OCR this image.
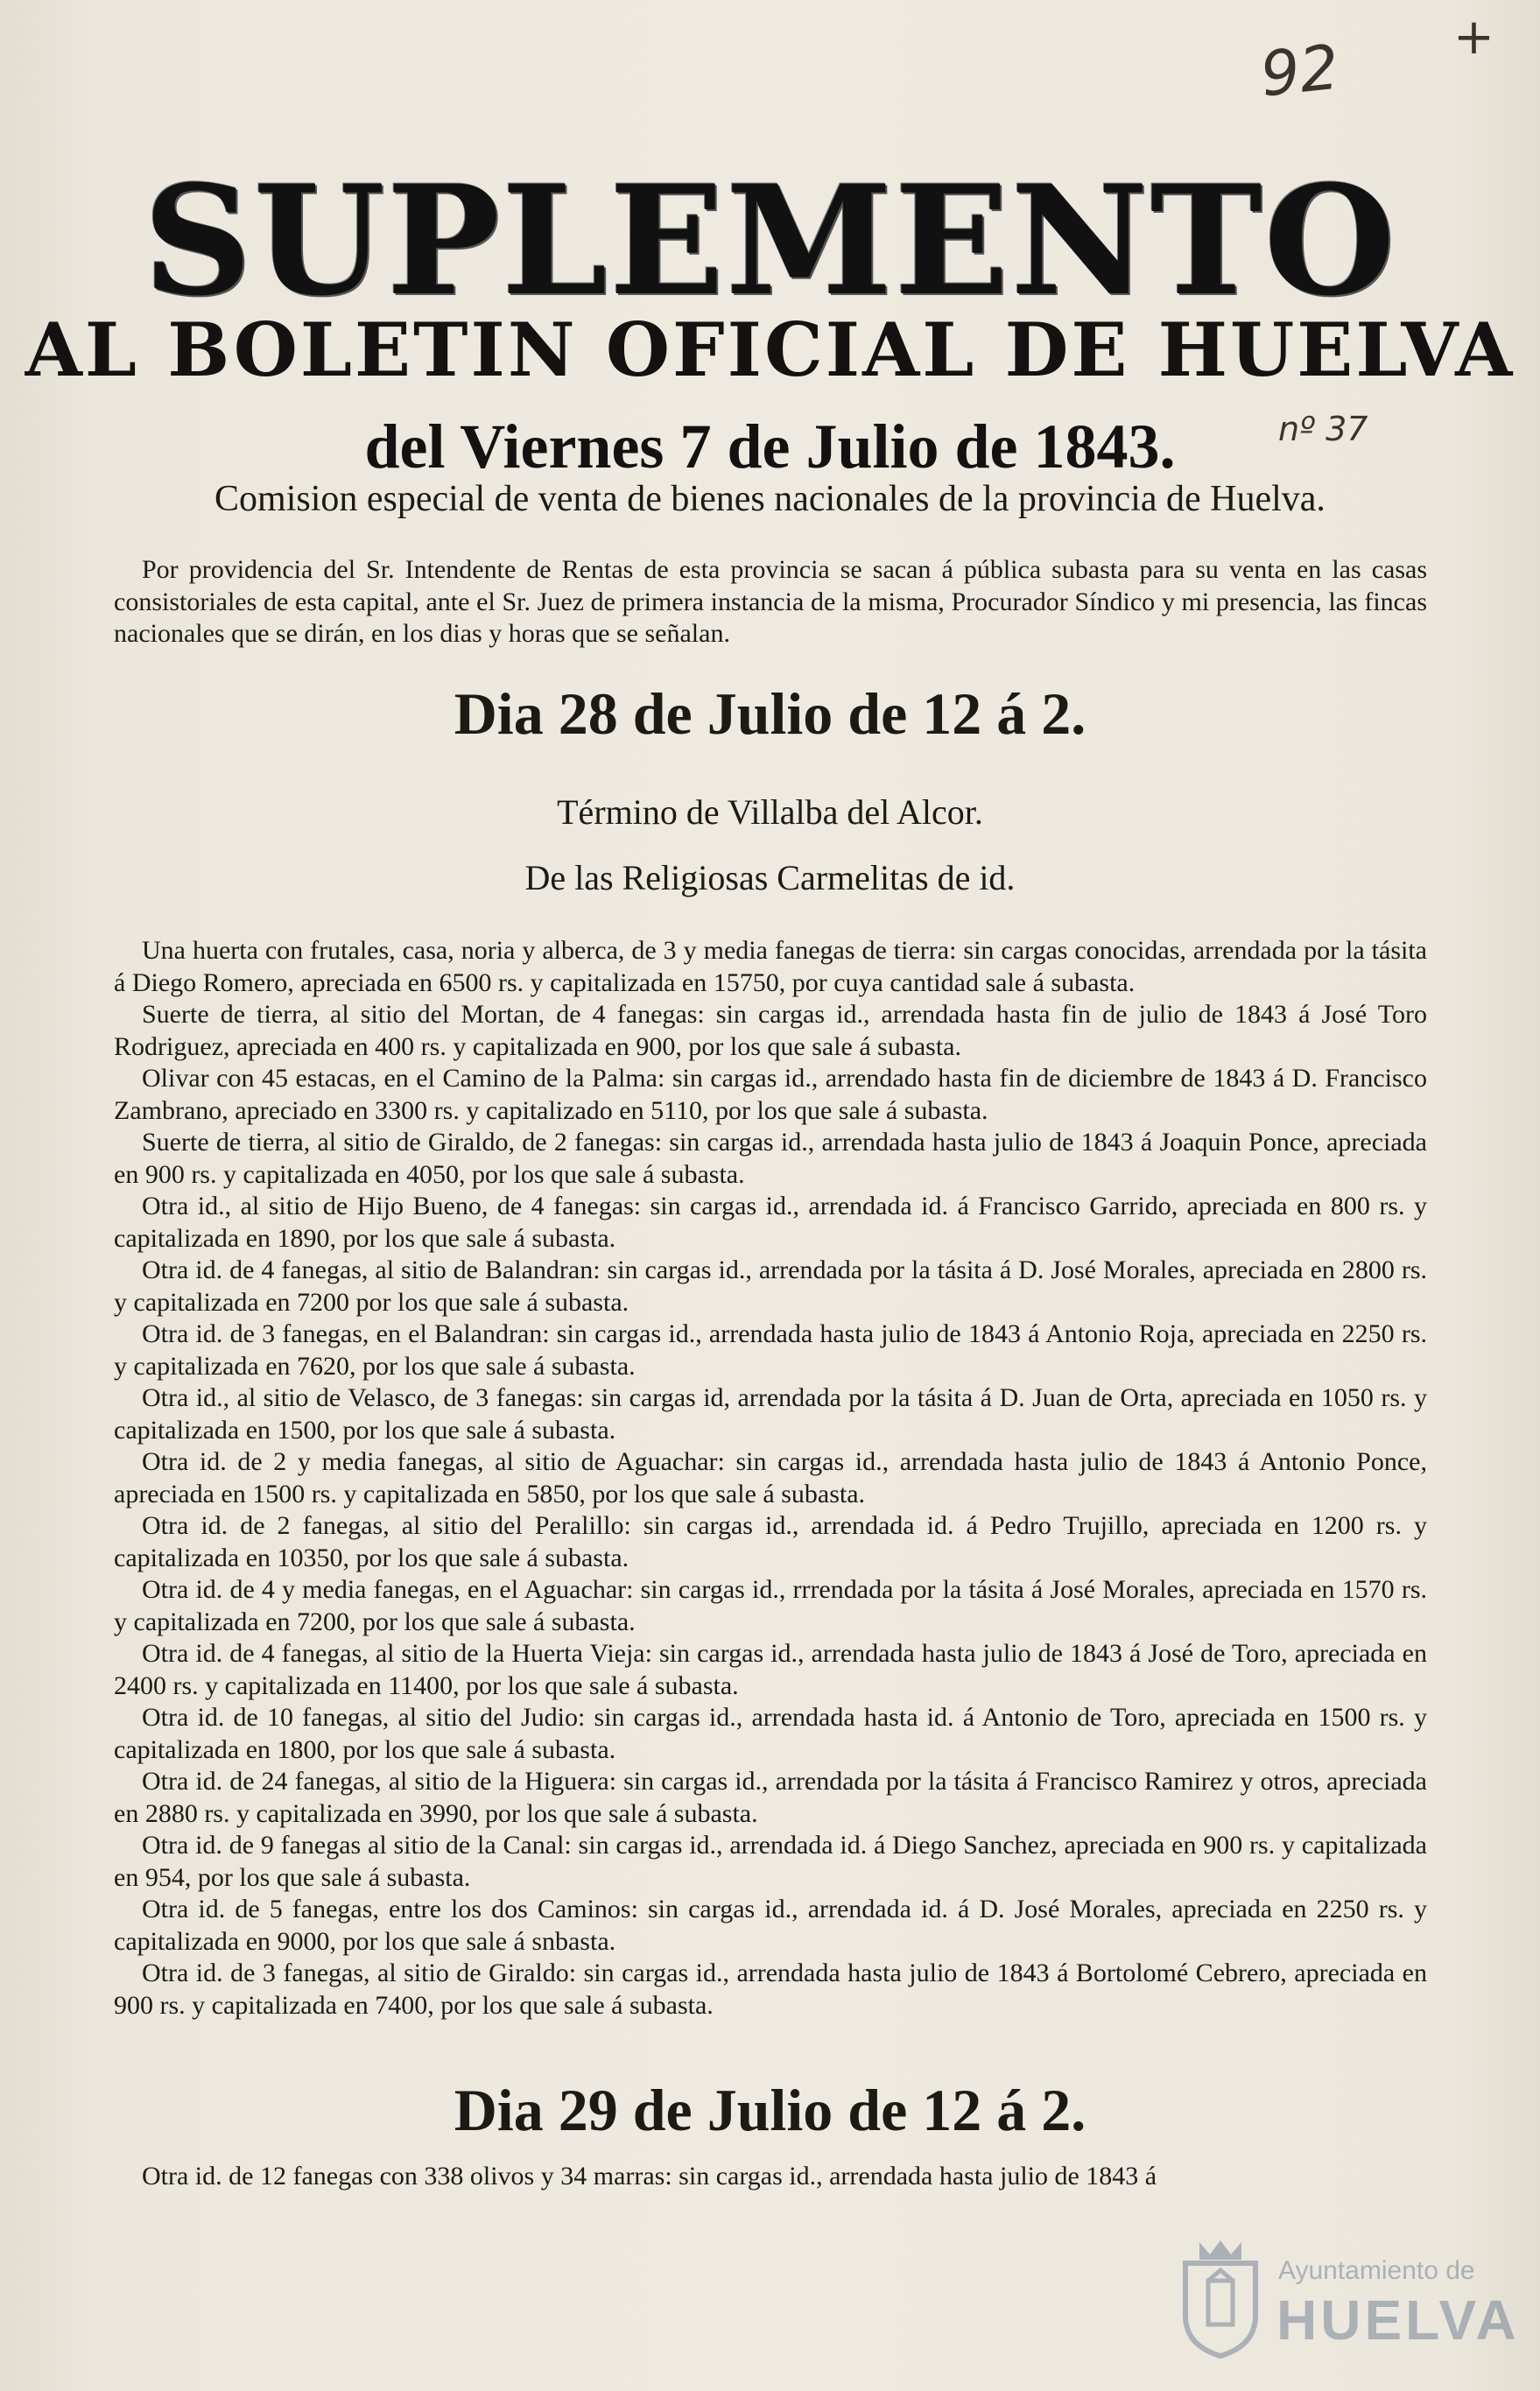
92 +
nº 37
SUPLEMENTO
AL BOLETIN OFICIAL DE HUELVA
del Viernes 7 de Julio de 1843.
Comision especial de venta de bienes nacionales de la provincia de Huelva.

Por providencia del Sr. Intendente de Rentas de esta provincia se sacan á pública subasta para su venta en las casas consistoriales de esta capital, ante el Sr. Juez de primera instancia de la misma, Procurador Síndico y mi presencia, las fincas nacionales que se dirán, en los dias y horas que se señalan.

Dia 28 de Julio de 12 á 2.
Término de Villalba del Alcor.
De las Religiosas Carmelitas de id.

Una huerta con frutales, casa, noria y alberca, de 3 y media fanegas de tierra: sin cargas conocidas, arrendada por la tásita á Diego Romero, apreciada en 6500 rs. y capitalizada en 15750, por cuya cantidad sale á subasta.

Suerte de tierra, al sitio del Mortan, de 4 fanegas: sin cargas id., arrendada hasta fin de julio de 1843 á José Toro Rodriguez, apreciada en 400 rs. y capitalizada en 900, por los que sale á subasta.

Olivar con 45 estacas, en el Camino de la Palma: sin cargas id., arrendado hasta fin de diciembre de 1843 á D. Francisco Zambrano, apreciado en 3300 rs. y capitalizado en 5110, por los que sale á subasta.

Suerte de tierra, al sitio de Giraldo, de 2 fanegas: sin cargas id., arrendada hasta julio de 1843 á Joaquin Ponce, apreciada en 900 rs. y capitalizada en 4050, por los que sale á subasta.

Otra id., al sitio de Hijo Bueno, de 4 fanegas: sin cargas id., arrendada id. á Francisco Garrido, apreciada en 800 rs. y capitalizada en 1890, por los que sale á subasta.

Otra id. de 4 fanegas, al sitio de Balandran: sin cargas id., arrendada por la tásita á D. José Morales, apreciada en 2800 rs. y capitalizada en 7200 por los que sale á subasta.

Otra id. de 3 fanegas, en el Balandran: sin cargas id., arrendada hasta julio de 1843 á Antonio Roja, apreciada en 2250 rs. y capitalizada en 7620, por los que sale á subasta.

Otra id., al sitio de Velasco, de 3 fanegas: sin cargas id, arrendada por la tásita á D. Juan de Orta, apreciada en 1050 rs. y capitalizada en 1500, por los que sale á subasta.

Otra id. de 2 y media fanegas, al sitio de Aguachar: sin cargas id., arrendada hasta julio de 1843 á Antonio Ponce, apreciada en 1500 rs. y capitalizada en 5850, por los que sale á subasta.

Otra id. de 2 fanegas, al sitio del Peralillo: sin cargas id., arrendada id. á Pedro Trujillo, apreciada en 1200 rs. y capitalizada en 10350, por los que sale á subasta.

Otra id. de 4 y media fanegas, en el Aguachar: sin cargas id., rrrendada por la tásita á José Morales, apreciada en 1570 rs. y capitalizada en 7200, por los que sale á subasta.

Otra id. de 4 fanegas, al sitio de la Huerta Vieja: sin cargas id., arrendada hasta julio de 1843 á José de Toro, apreciada en 2400 rs. y capitalizada en 11400, por los que sale á subasta.

Otra id. de 10 fanegas, al sitio del Judio: sin cargas id., arrendada hasta id. á Antonio de Toro, apreciada en 1500 rs. y capitalizada en 1800, por los que sale á subasta.

Otra id. de 24 fanegas, al sitio de la Higuera: sin cargas id., arrendada por la tásita á Francisco Ramirez y otros, apreciada en 2880 rs. y capitalizada en 3990, por los que sale á subasta.

Otra id. de 9 fanegas al sitio de la Canal: sin cargas id., arrendada id. á Diego Sanchez, apreciada en 900 rs. y capitalizada en 954, por los que sale á subasta.

Otra id. de 5 fanegas, entre los dos Caminos: sin cargas id., arrendada id. á D. José Morales, apreciada en 2250 rs. y capitalizada en 9000, por los que sale á snbasta.

Otra id. de 3 fanegas, al sitio de Giraldo: sin cargas id., arrendada hasta julio de 1843 á Bortolomé Cebrero, apreciada en 900 rs. y capitalizada en 7400, por los que sale á subasta.

Dia 29 de Julio de 12 á 2.

Otra id. de 12 fanegas con 338 olivos y 34 marras: sin cargas id., arrendada hasta julio de 1843 á

Ayuntamiento de
HUELVA
